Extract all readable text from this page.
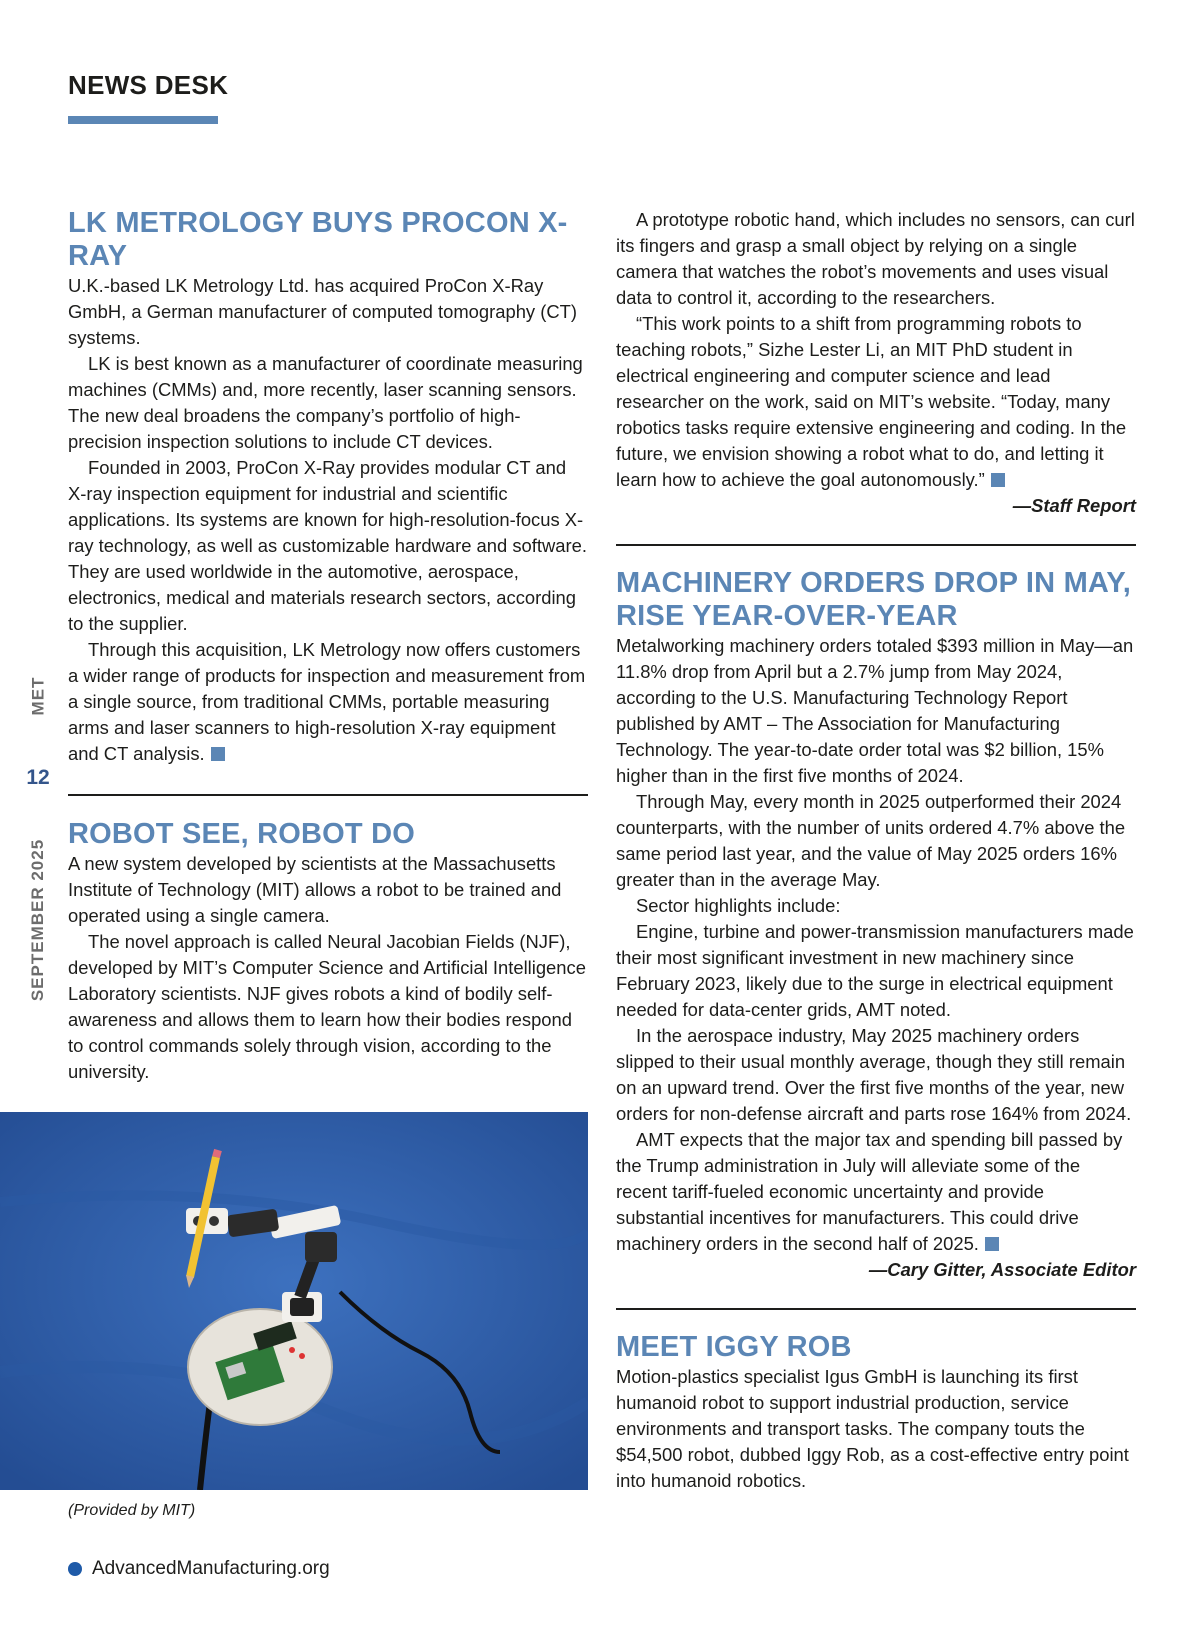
NEWS DESK
MET
12
SEPTEMBER 2025
LK METROLOGY BUYS PROCON X-RAY

U.K.-based LK Metrology Ltd. has acquired ProCon X-Ray GmbH, a German manufacturer of computed tomography (CT) systems.

LK is best known as a manufacturer of coordinate measuring machines (CMMs) and, more recently, laser scanning sensors. The new deal broadens the company’s portfolio of high-precision inspection solutions to include CT devices.

Founded in 2003, ProCon X-Ray provides modular CT and X-ray inspection equipment for industrial and scientific applications. Its systems are known for high-resolution-focus X-ray technology, as well as customizable hardware and software. They are used worldwide in the automotive, aerospace, electronics, medical and materials research sectors, according to the supplier.

Through this acquisition, LK Metrology now offers customers a wider range of products for inspection and measurement from a single source, from traditional CMMs, portable measuring arms and laser scanners to high-resolution X-ray equipment and CT analysis.

ROBOT SEE, ROBOT DO

A new system developed by scientists at the Massachusetts Institute of Technology (MIT) allows a robot to be trained and operated using a single camera.

The novel approach is called Neural Jacobian Fields (NJF), developed by MIT’s Computer Science and Artificial Intelligence Laboratory scientists. NJF gives robots a kind of bodily self-awareness and allows them to learn how their bodies respond to control commands solely through vision, according to the university.

(Provided by MIT)

A prototype robotic hand, which includes no sensors, can curl its fingers and grasp a small object by relying on a single camera that watches the robot’s movements and uses visual data to control it, according to the researchers.

“This work points to a shift from programming robots to teaching robots,” Sizhe Lester Li, an MIT PhD student in electrical engineering and computer science and lead researcher on the work, said on MIT’s website. “Today, many robotics tasks require extensive engineering and coding. In the future, we envision showing a robot what to do, and letting it learn how to achieve the goal autonomously.”

—Staff Report

MACHINERY ORDERS DROP IN MAY, RISE YEAR-OVER-YEAR

Metalworking machinery orders totaled $393 million in May—an 11.8% drop from April but a 2.7% jump from May 2024, according to the U.S. Manufacturing Technology Report published by AMT – The Association for Manufacturing Technology. The year-to-date order total was $2 billion, 15% higher than in the first five months of 2024.

Through May, every month in 2025 outperformed their 2024 counterparts, with the number of units ordered 4.7% above the same period last year, and the value of May 2025 orders 16% greater than in the average May.

Sector highlights include:

Engine, turbine and power-transmission manufacturers made their most significant investment in new machinery since February 2023, likely due to the surge in electrical equipment needed for data-center grids, AMT noted.

In the aerospace industry, May 2025 machinery orders slipped to their usual monthly average, though they still remain on an upward trend. Over the first five months of the year, new orders for non-defense aircraft and parts rose 164% from 2024.

AMT expects that the major tax and spending bill passed by the Trump administration in July will alleviate some of the recent tariff-fueled economic uncertainty and provide substantial incentives for manufacturers. This could drive machinery orders in the second half of 2025.

—Cary Gitter, Associate Editor

MEET IGGY ROB

Motion-plastics specialist Igus GmbH is launching its first humanoid robot to support industrial production, service environments and transport tasks. The company touts the $54,500 robot, dubbed Iggy Rob, as a cost-effective entry point into humanoid robotics.

AdvancedManufacturing.org
